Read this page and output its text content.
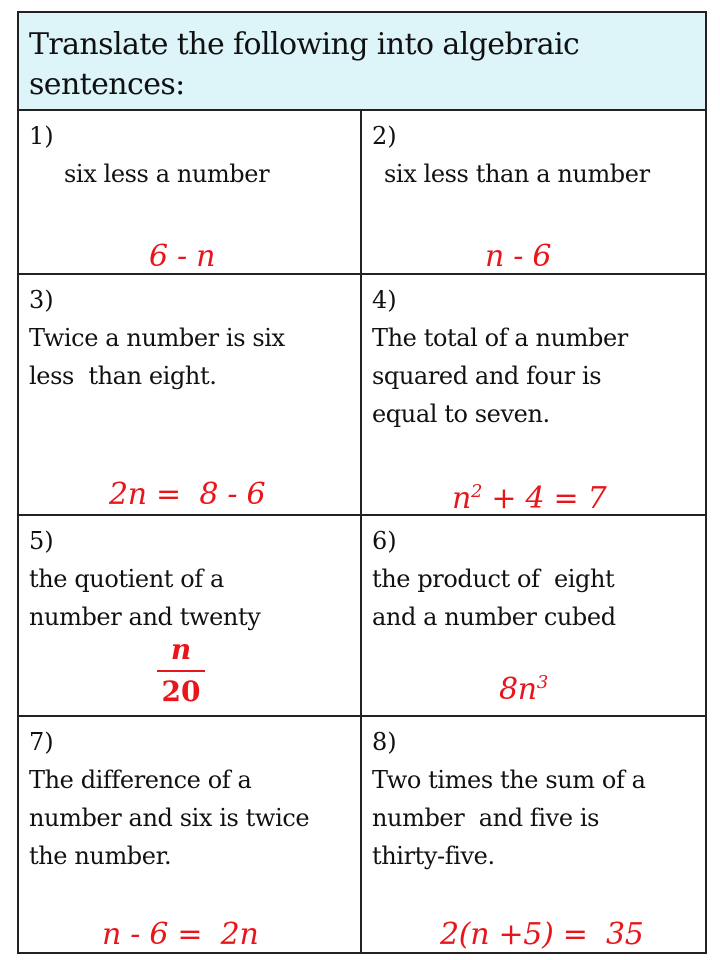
Translate the following into algebraic sentences:
1)
six less a number
6 - n
2)
six less than a number
n - 6
3)
Twice a number is six
less  than eight.
2n =  8 - 6
4)
The total of a number
squared and four is
equal to seven.
$n^2 + 4 = 7$
5)
the quotient of a
number and twenty
n
20
6)
the product of  eight
and a number cubed
$8n^3$
7)
The difference of a
number and six is twice
the number.
n - 6 =  2n
8)
Two times the sum of a
number  and five is
thirty-five.
2(n +5) =  35
